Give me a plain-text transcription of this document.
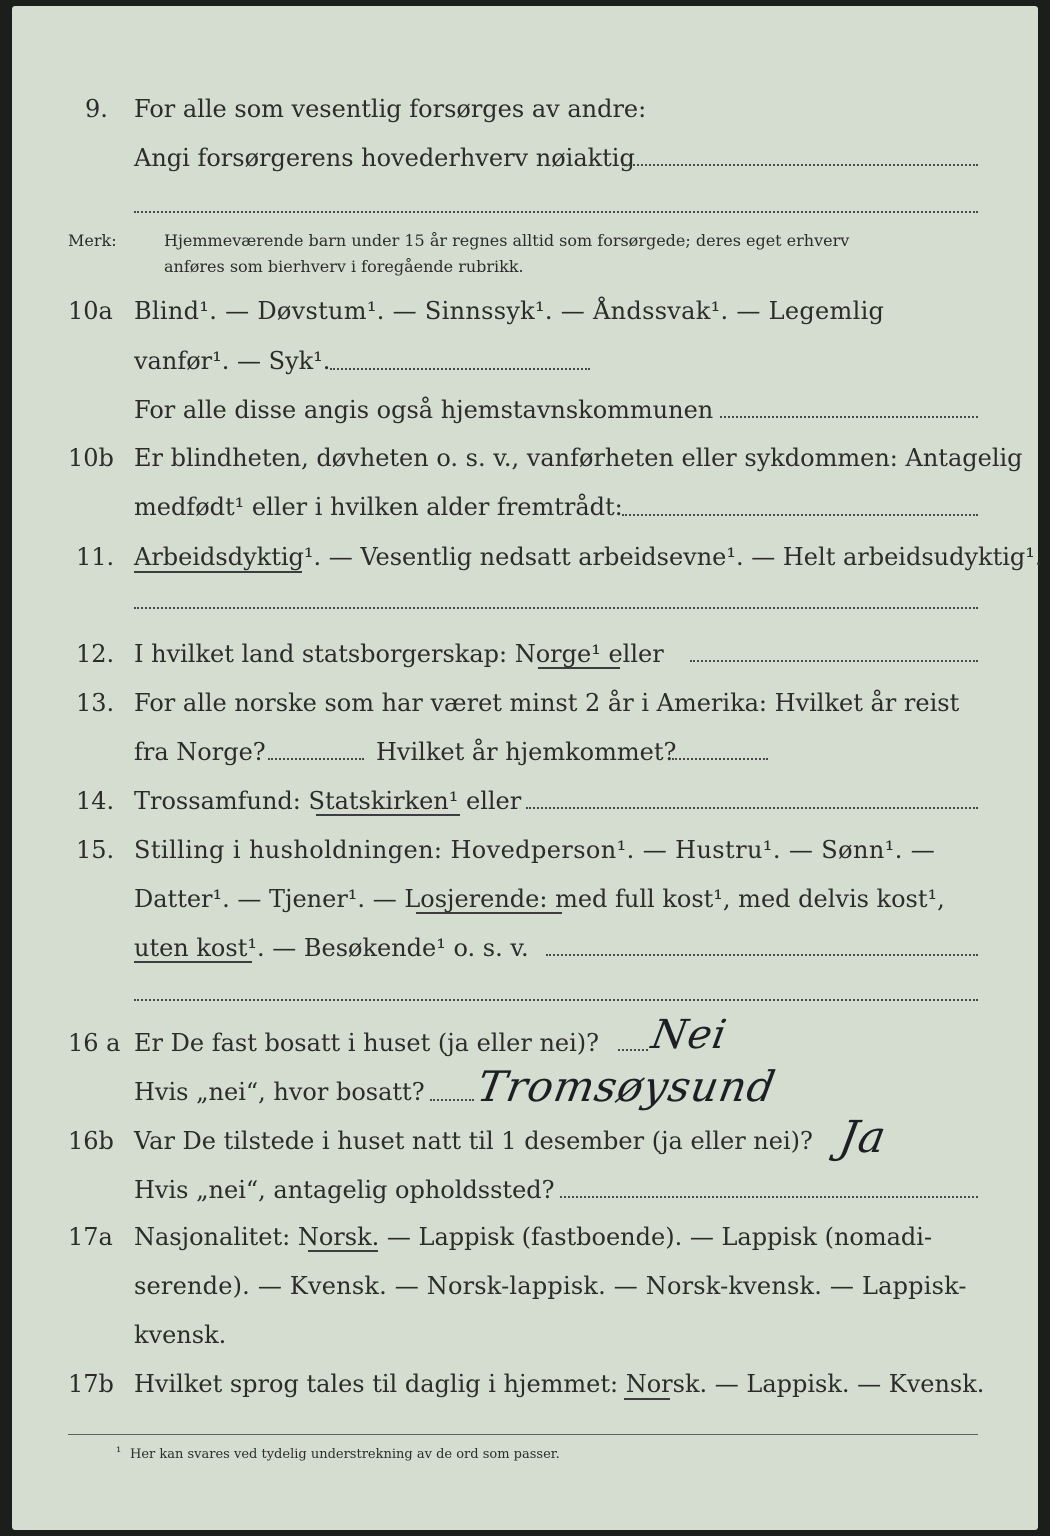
9. For alle som vesentlig forsørges av andre:
Angi forsørgerens hovederhverv nøiaktig
Merk:	Hjemmeværende barn under 15 år regnes alltid som forsørgede; deres eget erhverv
anføres som bierhverv i foregående rubrikk.
10a Blind¹. — Døvstum¹. — Sinnssyk¹. — Åndssvak¹. — Legemlig
vanfør¹. — Syk¹.
For alle disse angis også hjemstavnskommunen
10b Er blindheten, døvheten o. s. v., vanførheten eller sykdommen: Antagelig
medfødt¹ eller i hvilken alder fremtrådt:
11. Arbeidsdyktig¹. — Vesentlig nedsatt arbeidsevne¹. — Helt arbeidsudyktig¹.
12. I hvilket land statsborgerskap: Norge¹ eller
13. For alle norske som har været minst 2 år i Amerika: Hvilket år reist
fra Norge?	Hvilket år hjemkommet?
14. Trossamfund: Statskirken¹ eller
15. Stilling i husholdningen: Hovedperson¹. — Hustru¹. — Sønn¹. —
Datter¹. — Tjener¹. — Losjerende: med full kost¹, med delvis kost¹,
uten kost¹. — Besøkende¹ o. s. v.
16 a Er De fast bosatt i huset (ja eller nei)? Nei
Hvis „nei“, hvor bosatt? Tromsøysund
16b Var De tilstede i huset natt til 1 desember (ja eller nei)? Ja
Hvis „nei“, antagelig opholdssted?
17a Nasjonalitet: Norsk. — Lappisk (fastboende). — Lappisk (nomadi-
serende). — Kvensk. — Norsk-lappisk. — Norsk-kvensk. — Lappisk-
kvensk.
17b Hvilket sprog tales til daglig i hjemmet: Norsk. — Lappisk. — Kvensk.
¹ Her kan svares ved tydelig understrekning av de ord som passer.
